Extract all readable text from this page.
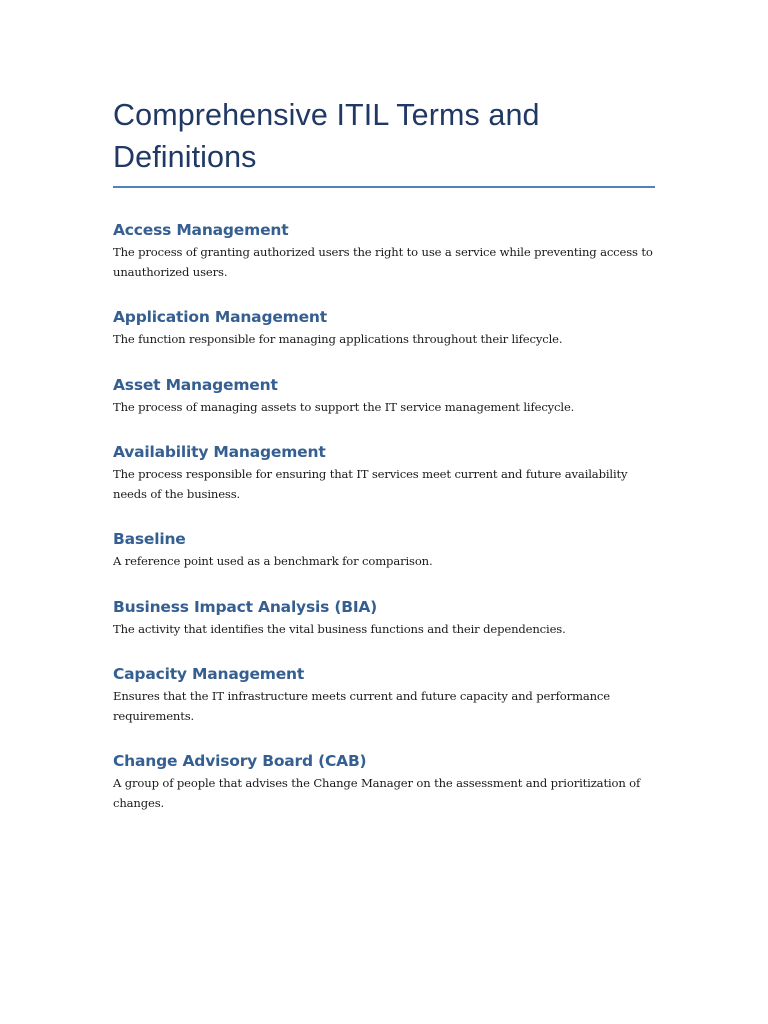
Comprehensive ITIL Terms and Definitions
Access Management

The process of granting authorized users the right to use a service while preventing access to unauthorized users.

Application Management

The function responsible for managing applications throughout their lifecycle.

Asset Management

The process of managing assets to support the IT service management lifecycle.

Availability Management

The process responsible for ensuring that IT services meet current and future availability needs of the business.

Baseline

A reference point used as a benchmark for comparison.

Business Impact Analysis (BIA)

The activity that identifies the vital business functions and their dependencies.

Capacity Management

Ensures that the IT infrastructure meets current and future capacity and performance requirements.

Change Advisory Board (CAB)

A group of people that advises the Change Manager on the assessment and prioritization of changes.
